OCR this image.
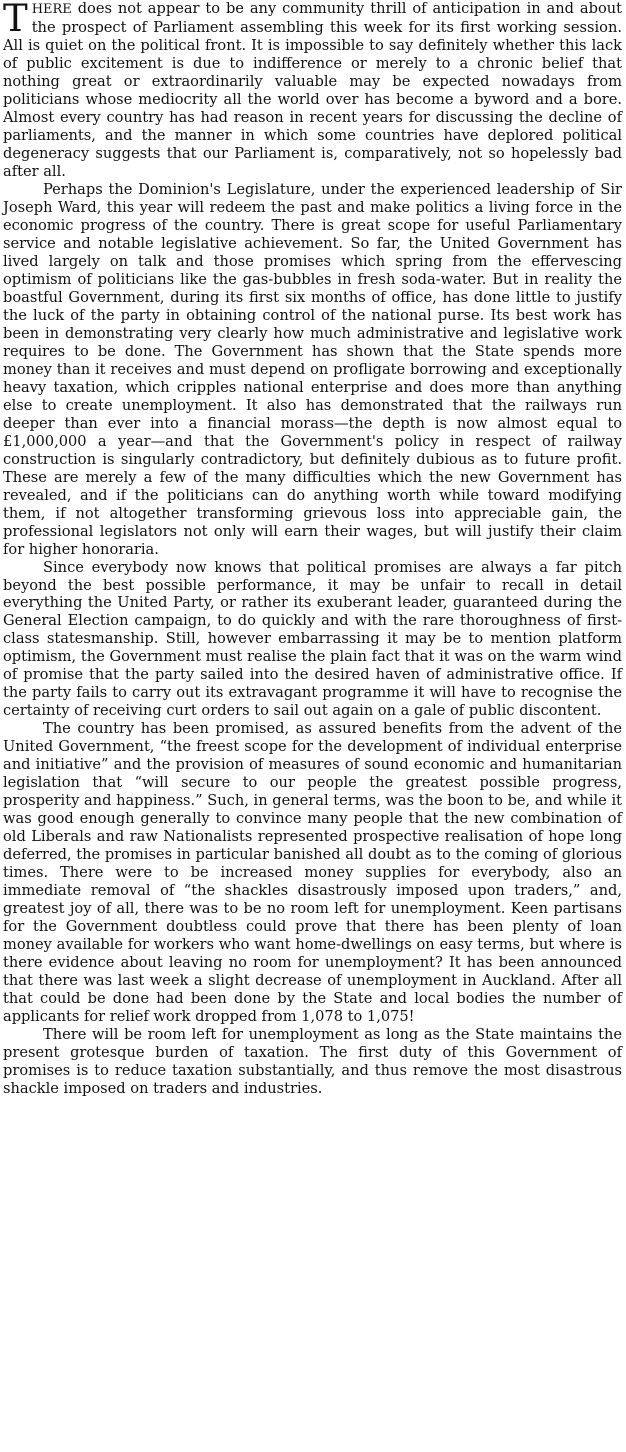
THERE does not appear to be any community thrill of anticipation in and about the prospect of Parliament assembling this week for its first working session. All is quiet on the political front. It is impossible to say definitely whether this lack of public excitement is due to indifference or merely to a chronic belief that nothing great or extraordinarily valuable may be expected nowadays from politicians whose mediocrity all the world over has become a byword and a bore. Almost every country has had reason in recent years for discussing the decline of parliaments, and the manner in which some countries have deplored political degeneracy suggests that our Parliament is, comparatively, not so hopelessly bad after all.

Perhaps the Dominion's Legislature, under the experienced leadership of Sir Joseph Ward, this year will redeem the past and make politics a living force in the economic progress of the country. There is great scope for useful Parliamentary service and notable legislative achievement. So far, the United Government has lived largely on talk and those promises which spring from the effervescing optimism of politicians like the gas-bubbles in fresh soda-water. But in reality the boastful Government, during its first six months of office, has done little to justify the luck of the party in obtaining control of the national purse. Its best work has been in demonstrating very clearly how much administrative and legislative work requires to be done. The Government has shown that the State spends more money than it receives and must depend on profligate borrowing and exceptionally heavy taxation, which cripples national enterprise and does more than anything else to create unemployment. It also has demonstrated that the railways run deeper than ever into a financial morass—the depth is now almost equal to £1,000,000 a year—and that the Government's policy in respect of railway construction is singularly contradictory, but definitely dubious as to future profit. These are merely a few of the many difficulties which the new Government has revealed, and if the politicians can do anything worth while toward modifying them, if not altogether transforming grievous loss into appreciable gain, the professional legislators not only will earn their wages, but will justify their claim for higher honoraria.

Since everybody now knows that political promises are always a far pitch beyond the best possible performance, it may be unfair to recall in detail everything the United Party, or rather its exuberant leader, guaranteed during the General Election campaign, to do quickly and with the rare thoroughness of first-class statesmanship. Still, however embarrassing it may be to mention platform optimism, the Government must realise the plain fact that it was on the warm wind of promise that the party sailed into the desired haven of administrative office. If the party fails to carry out its extravagant programme it will have to recognise the certainty of receiving curt orders to sail out again on a gale of public discontent.

The country has been promised, as assured benefits from the advent of the United Government, “the freest scope for the development of individual enterprise and initiative” and the provision of measures of sound economic and humanitarian legislation that “will secure to our people the greatest possible progress, prosperity and happiness.” Such, in general terms, was the boon to be, and while it was good enough generally to convince many people that the new combination of old Liberals and raw Nationalists represented prospective realisation of hope long deferred, the promises in particular banished all doubt as to the coming of glorious times. There were to be increased money supplies for everybody, also an immediate removal of “the shackles disastrously imposed upon traders,” and, greatest joy of all, there was to be no room left for unemployment. Keen partisans for the Government doubtless could prove that there has been plenty of loan money available for workers who want home-dwellings on easy terms, but where is there evidence about leaving no room for unemployment? It has been announced that there was last week a slight decrease of unemployment in Auckland. After all that could be done had been done by the State and local bodies the number of applicants for relief work dropped from 1,078 to 1,075!

There will be room left for unemployment as long as the State maintains the present grotesque burden of taxation. The first duty of this Government of promises is to reduce taxation substantially, and thus remove the most disastrous shackle imposed on traders and industries.
